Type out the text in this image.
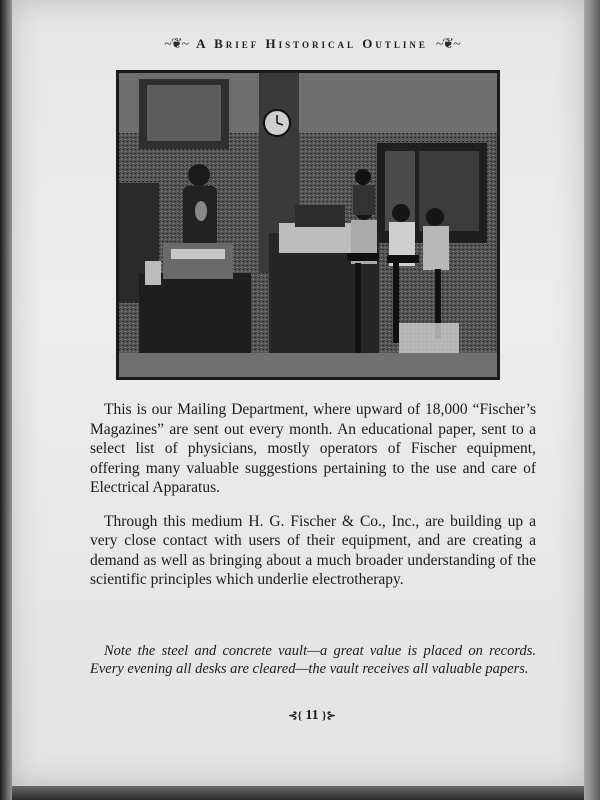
~❦~ A Brief Historical Outline ~❦~

This is our Mailing Department, where upward of 18,000 “Fischer’s Magazines” are sent out every month. An educational paper, sent to a select list of physicians, mostly operators of Fischer equipment, offering many valuable suggestions pertaining to the use and care of Electrical Apparatus.

Through this medium H. G. Fischer & Co., Inc., are building up a very close contact with users of their equipment, and are creating a demand as well as bringing about a much broader understanding of the scientific principles which underlie electrotherapy.

Note the steel and concrete vault—a great value is placed on records. Every evening all desks are cleared—the vault receives all valuable papers.

⊰{ 11 }⊱
